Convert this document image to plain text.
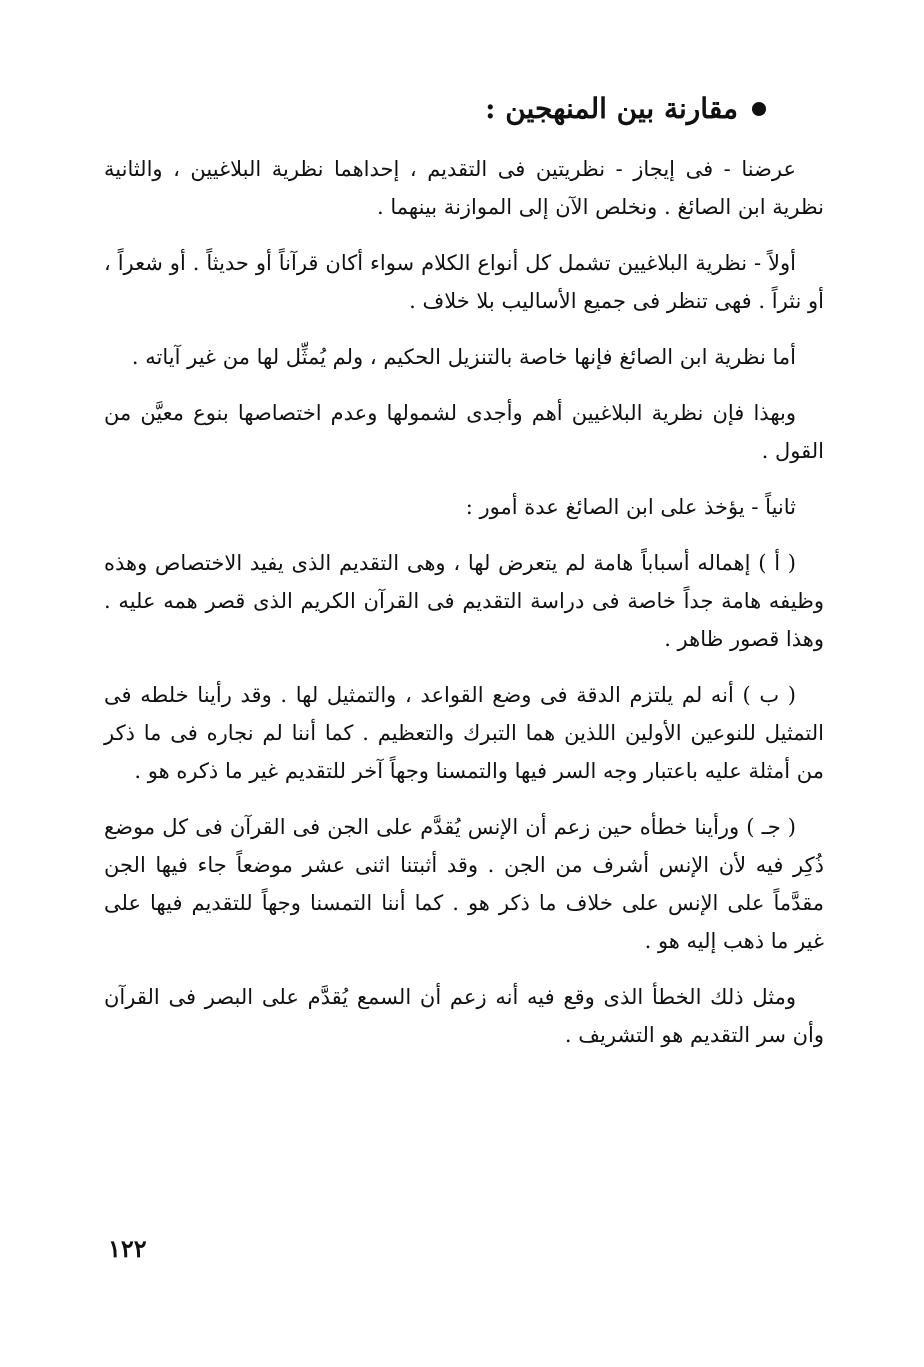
مقارنة بين المنهجين :

عرضنا - فى إيجاز - نظريتين فى التقديم ، إحداهما نظرية البلاغيين ، والثانية نظرية ابن الصائغ . ونخلص الآن إلى الموازنة بينهما .

أولاً - نظرية البلاغيين تشمل كل أنواع الكلام سواء أكان قرآناً أو حديثاً . أو شعراً ، أو نثراً . فهى تنظر فى جميع الأساليب بلا خلاف .

أما نظرية ابن الصائغ فإنها خاصة بالتنزيل الحكيم ، ولم يُمثِّل لها من غير آياته .

وبهذا فإن نظرية البلاغيين أهم وأجدى لشمولها وعدم اختصاصها بنوع معيَّن من القول .

ثانياً - يؤخذ على ابن الصائغ عدة أمور :

( أ ) إهماله أسباباً هامة لم يتعرض لها ، وهى التقديم الذى يفيد الاختصاص وهذه وظيفه هامة جداً خاصة فى دراسة التقديم فى القرآن الكريم الذى قصر همه عليه . وهذا قصور ظاهر .

( ب ) أنه لم يلتزم الدقة فى وضع القواعد ، والتمثيل لها . وقد رأينا خلطه فى التمثيل للنوعين الأولين اللذين هما التبرك والتعظيم . كما أننا لم نجاره فى ما ذكر من أمثلة عليه باعتبار وجه السر فيها والتمسنا وجهاً آخر للتقديم غير ما ذكره هو .

( جـ ) ورأينا خطأه حين زعم أن الإنس يُقدَّم على الجن فى القرآن فى كل موضع ذُكِر فيه لأن الإنس أشرف من الجن . وقد أثبتنا اثنى عشر موضعاً جاء فيها الجن مقدَّماً على الإنس على خلاف ما ذكر هو . كما أننا التمسنا وجهاً للتقديم فيها على غير ما ذهب إليه هو .

ومثل ذلك الخطأ الذى وقع فيه أنه زعم أن السمع يُقدَّم على البصر فى القرآن وأن سر التقديم هو التشريف .

١٢٢
